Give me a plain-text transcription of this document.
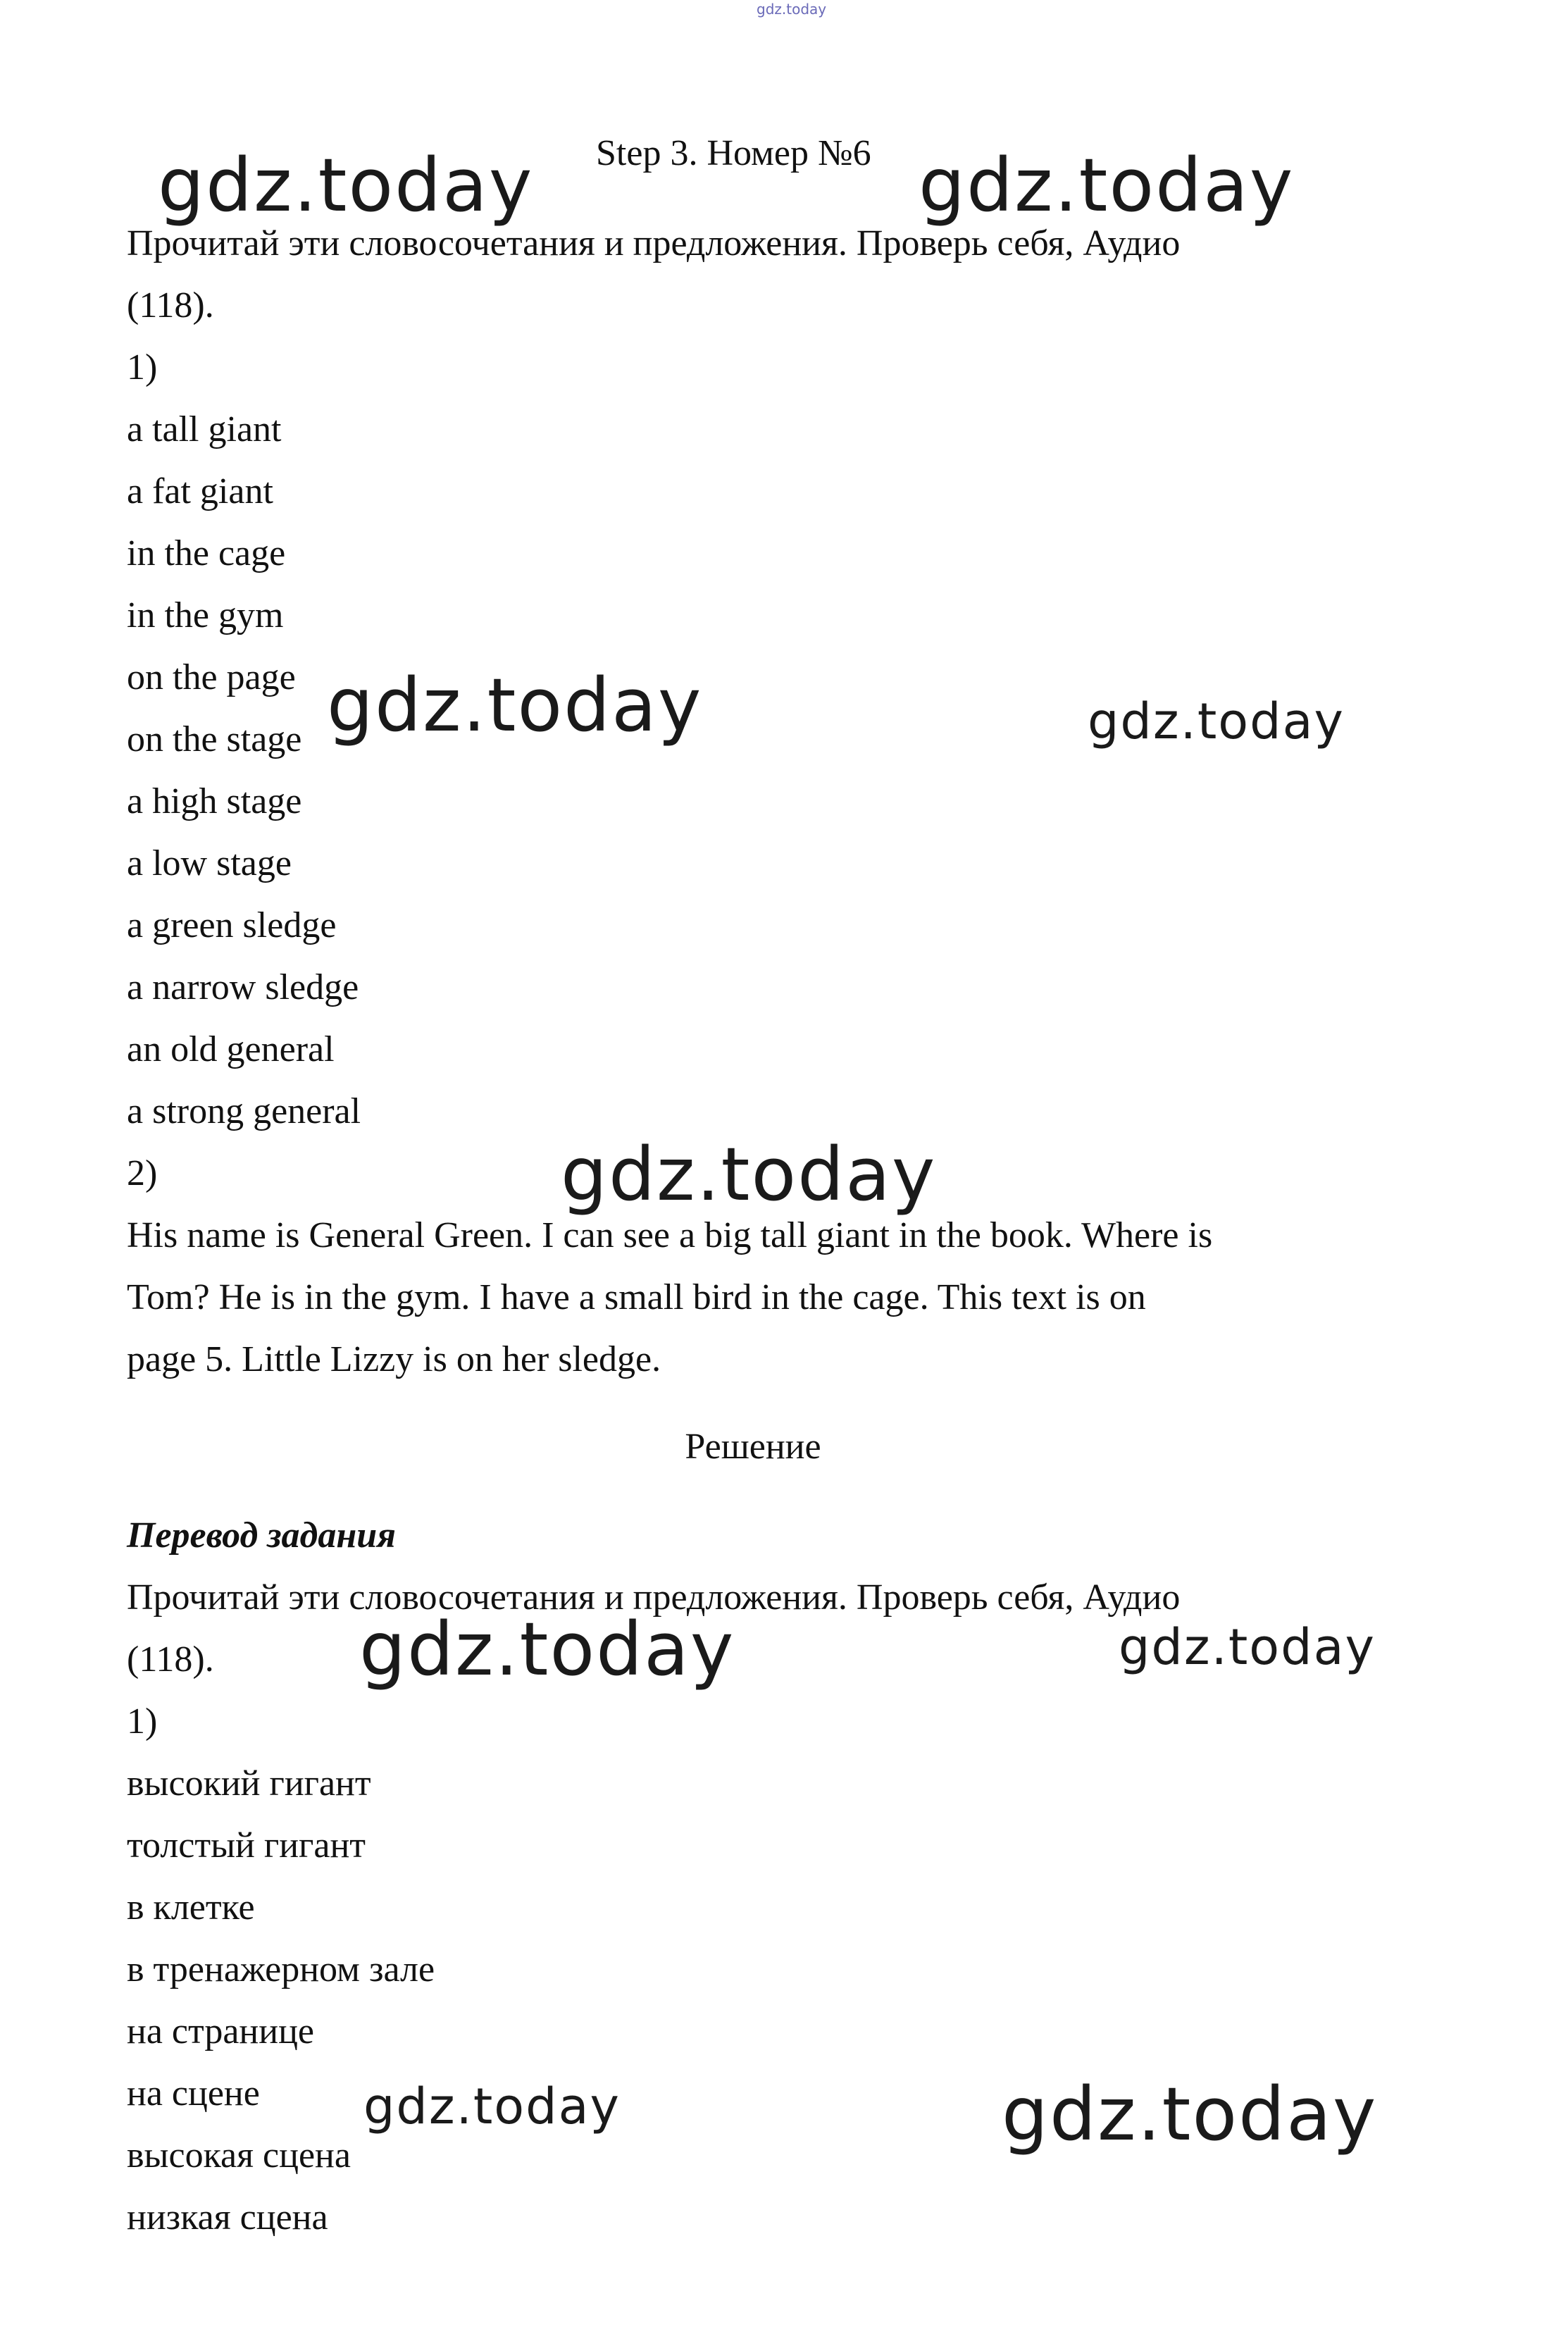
gdz.today
Step 3. Номер №6
Прочитай эти словосочетания и предложения. Проверь себя, Аудио
(118).
1)
a tall giant
a fat giant
in the cage
in the gym
on the page
on the stage
a high stage
a low stage
a green sledge
a narrow sledge
an old general
a strong general
2)
His name is General Green. I can see a big tall giant in the book. Where is
Tom? He is in the gym. I have a small bird in the cage. This text is on
page 5. Little Lizzy is on her sledge.
Решение
Перевод задания
Прочитай эти словосочетания и предложения. Проверь себя, Аудио
(118).
1)
высокий гигант
толстый гигант
в клетке
в тренажерном зале
на странице
на сцене
высокая сцена
низкая сцена
gdz.today	gdz.today
gdz.today	gdz.today
gdz.today
gdz.today	gdz.today
gdz.today	gdz.today
